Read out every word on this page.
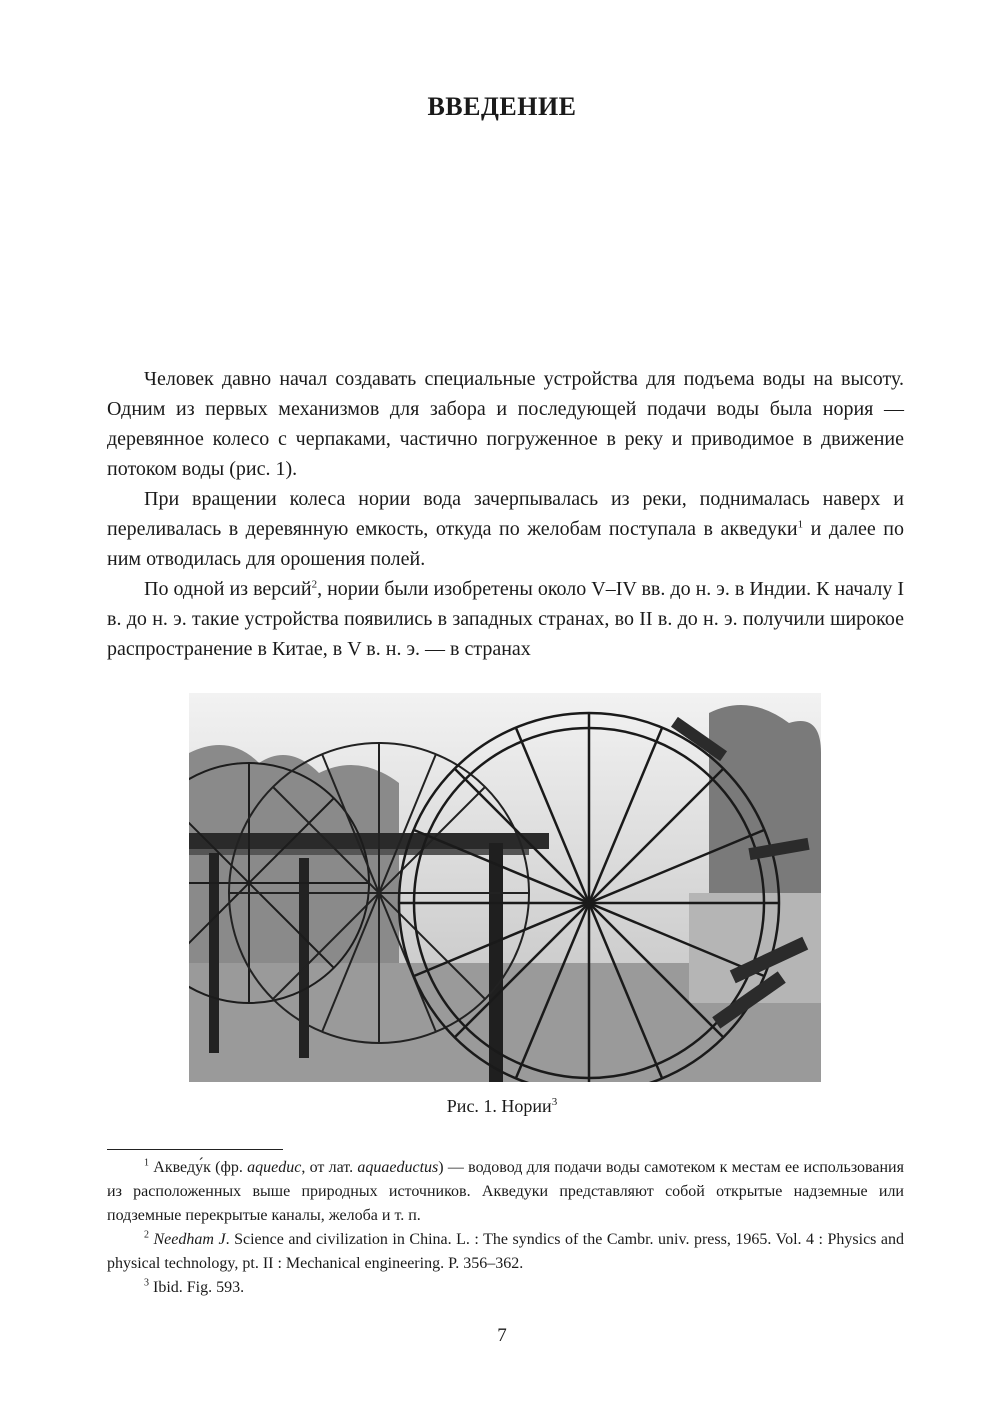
ВВЕДЕНИЕ

Человек давно начал создавать специальные устройства для подъема воды на высоту. Одним из первых механизмов для забора и последующей подачи воды была нория — деревянное колесо с черпаками, частично погруженное в реку и приводимое в движение потоком воды (рис. 1).

При вращении колеса нории вода зачерпывалась из реки, поднималась наверх и переливалась в деревянную емкость, откуда по желобам поступала в акведуки$^1$ и далее по ним отводилась для орошения полей.

По одной из версий$^2$, нории были изобретены около V–IV вв. до н. э. в Индии. К началу I в. до н. э. такие устройства появились в западных странах, во II в. до н. э. получили широкое распространение в Китае, в V в. н. э. — в странах

Рис. 1. Нории$^3$

$^1$ Акведу́к (фр. aqueduc, от лат. aquaeductus) — водовод для подачи воды самотеком к местам ее использования из расположенных выше природных источников. Акведуки представляют собой открытые надземные или подземные перекрытые каналы, желоба и т. п.

$^2$ Needham J. Science and civilization in China. L. : The syndics of the Cambr. univ. press, 1965. Vol. 4 : Physics and physical technology, pt. II : Mechanical engineering. P. 356–362.

$^3$ Ibid. Fig. 593.

7
